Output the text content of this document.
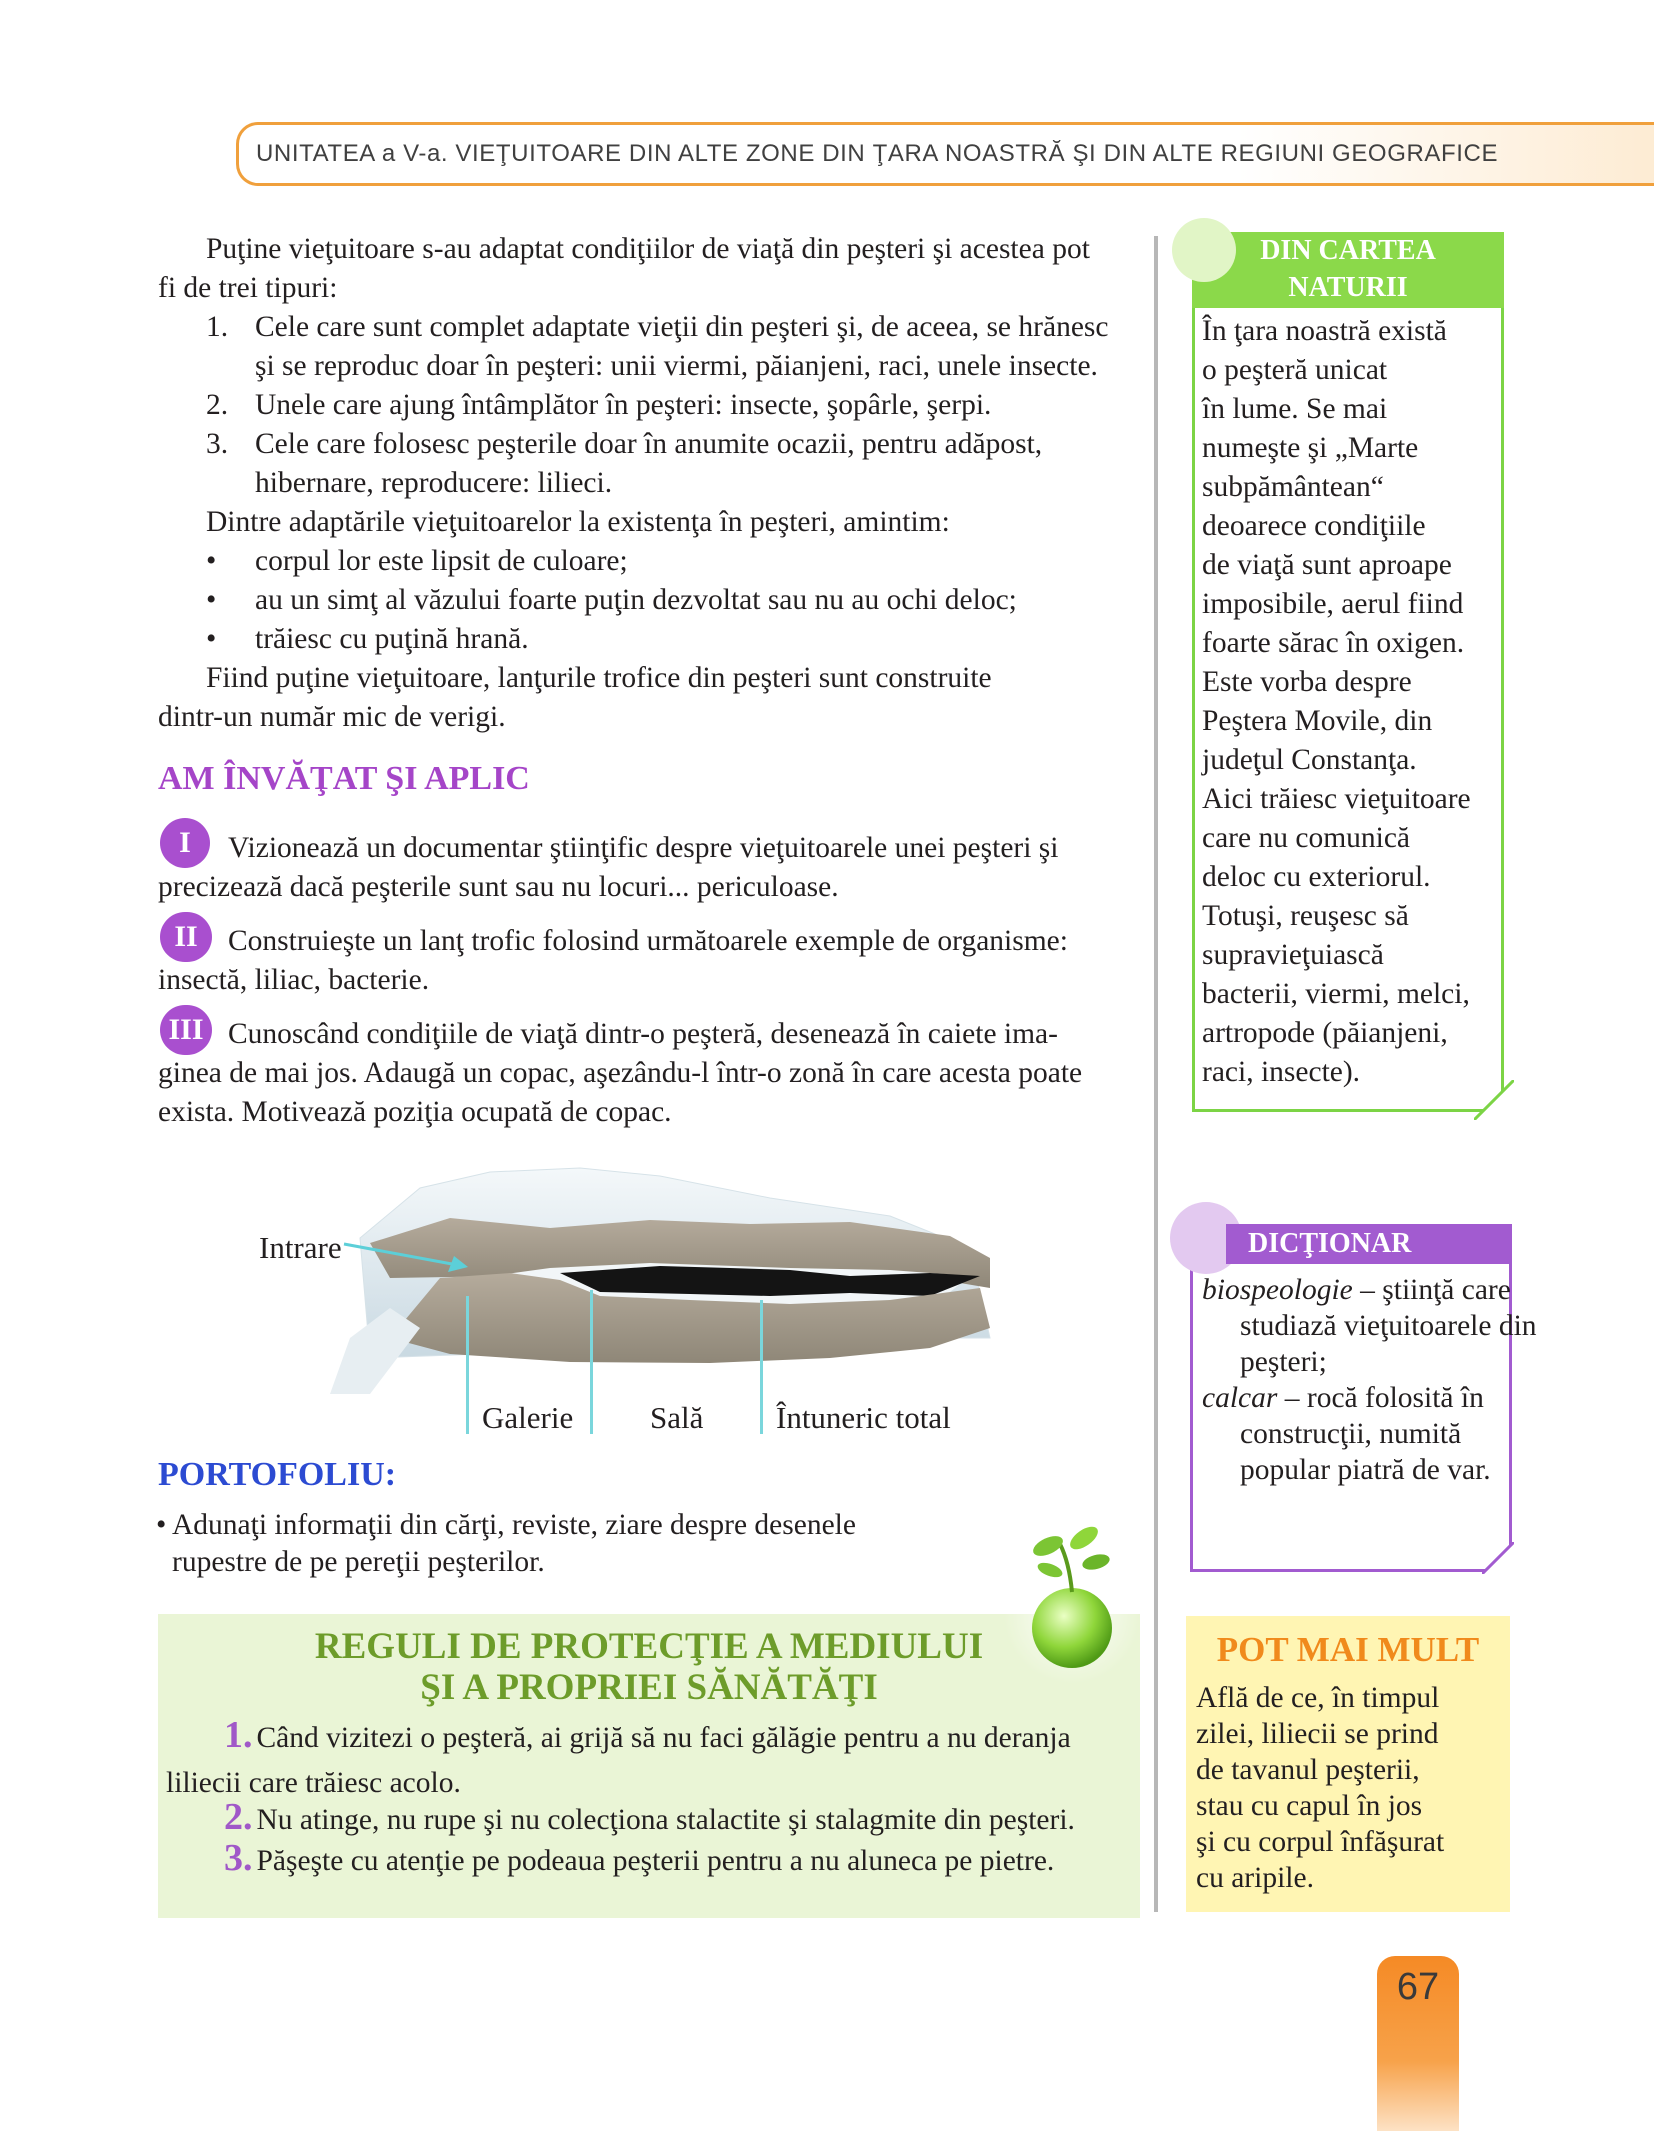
UNITATEA a V-a. VIEŢUITOARE DIN ALTE ZONE DIN ŢARA NOASTRĂ ŞI DIN ALTE REGIUNI GEOGRAFICE
Puţine vieţuitoare s-au adaptat condiţiilor de viaţă din peşteri şi acestea pot
fi de trei tipuri:
1. Cele care sunt complet adaptate vieţii din peşteri şi, de aceea, se hrănesc
şi se reproduc doar în peşteri: unii viermi, păianjeni, raci, unele insecte.
2. Unele care ajung întâmplător în peşteri: insecte, şopârle, şerpi.
3. Cele care folosesc peşterile doar în anumite ocazii, pentru adăpost,
hibernare, reproducere: lilieci.
Dintre adaptările vieţuitoarelor la existenţa în peşteri, amintim:
• corpul lor este lipsit de culoare;
• au un simţ al văzului foarte puţin dezvoltat sau nu au ochi deloc;
• trăiesc cu puţină hrană.
Fiind puţine vieţuitoare, lanţurile trofice din peşteri sunt construite
dintr-un număr mic de verigi.
AM ÎNVĂŢAT ŞI APLIC
I	Vizionează un documentar ştiinţific despre vieţuitoarele unei peşteri şi
precizează dacă peşterile sunt sau nu locuri... periculoase.
II	Construieşte un lanţ trofic folosind următoarele exemple de organisme:
insectă, liliac, bacterie.
III Cunoscând condiţiile de viaţă dintr-o peşteră, desenează în caiete ima-
ginea de mai jos. Adaugă un copac, aşezându-l într-o zonă în care acesta poate
exista. Motivează poziţia ocupată de copac.
Intrare
Galerie Sală Întuneric total
PORTOFOLIU:
• Adunaţi informaţii din cărţi, reviste, ziare despre desenele
rupestre de pe pereţii peşterilor.
REGULI DE PROTECŢIE A MEDIULUI
ŞI A PROPRIEI SĂNĂTĂŢI
1. Când vizitezi o peşteră, ai grijă să nu faci gălăgie pentru a nu deranja
liliecii care trăiesc acolo.
2. Nu atinge, nu rupe şi nu colecţiona stalactite şi stalagmite din peşteri.
3. Păşeşte cu atenţie pe podeaua peşterii pentru a nu aluneca pe pietre.
DIN CARTEA
NATURII
În ţara noastră există
o peşteră unicat
în lume. Se mai
numeşte şi „Marte
subpământean“
deoarece condiţiile
de viaţă sunt aproape
imposibile, aerul fiind
foarte sărac în oxigen.
Este vorba despre
Peştera Movile, din
judeţul Constanţa.
Aici trăiesc vieţuitoare
care nu comunică
deloc cu exteriorul.
Totuşi, reuşesc să
supravieţuiască
bacterii, viermi, melci,
artropode (păianjeni,
raci, insecte).
DICŢIONAR
biospeologie – ştiinţă care studiază vieţuitoarele din peşteri;
calcar – rocă folosită în construcţii, numită popular piatră de var.
POT MAI MULT
Află de ce, în timpul
zilei, liliecii se prind
de tavanul peşterii,
stau cu capul în jos
şi cu corpul înfăşurat
cu aripile.
67
